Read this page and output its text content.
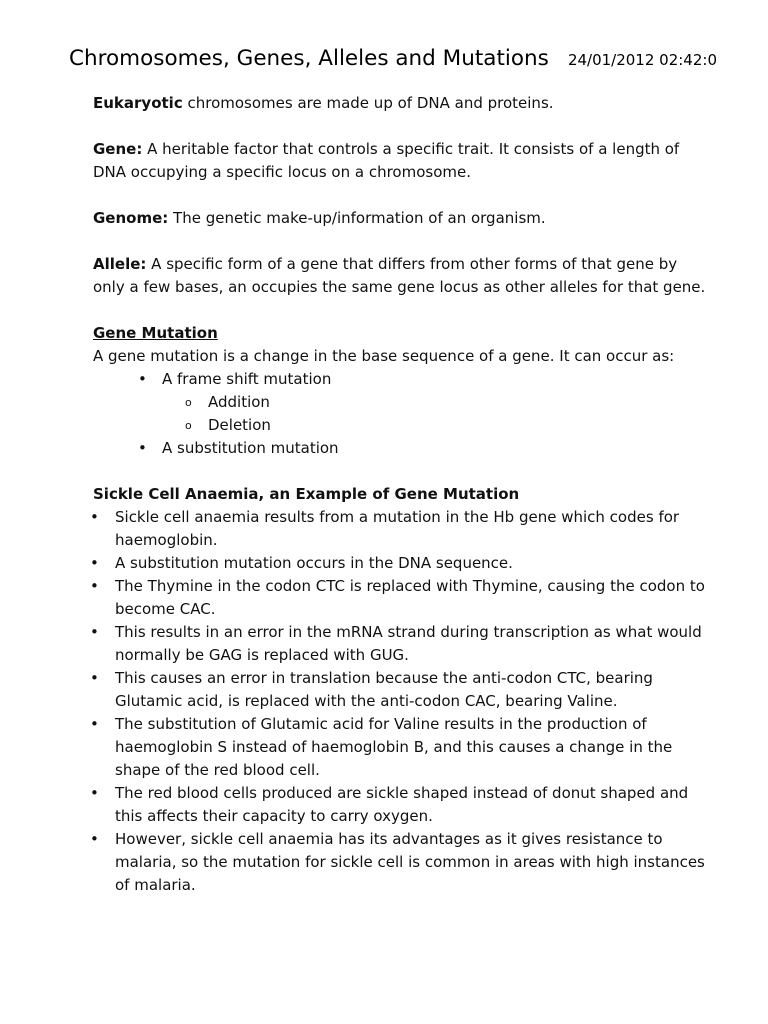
Chromosomes, Genes, Alleles and Mutations 24/01/2012 02:42:0

Eukaryotic chromosomes are made up of DNA and proteins.

Gene: A heritable factor that controls a specific trait. It consists of a length of DNA occupying a specific locus on a chromosome.

Genome: The genetic make-up/information of an organism.

Allele: A specific form of a gene that differs from other forms of that gene by only a few bases, an occupies the same gene locus as other alleles for that gene.

Gene Mutation

A gene mutation is a change in the base sequence of a gene. It can occur as:

• A frame shift mutation
o Addition
o Deletion
• A substitution mutation

Sickle Cell Anaemia, an Example of Gene Mutation

• Sickle cell anaemia results from a mutation in the Hb gene which codes for haemoglobin.
• A substitution mutation occurs in the DNA sequence.
• The Thymine in the codon CTC is replaced with Thymine, causing the codon to become CAC.
• This results in an error in the mRNA strand during transcription as what would normally be GAG is replaced with GUG.
• This causes an error in translation because the anti-codon CTC, bearing Glutamic acid, is replaced with the anti-codon CAC, bearing Valine.
• The substitution of Glutamic acid for Valine results in the production of haemoglobin S instead of haemoglobin B, and this causes a change in the shape of the red blood cell.
• The red blood cells produced are sickle shaped instead of donut shaped and this affects their capacity to carry oxygen.
• However, sickle cell anaemia has its advantages as it gives resistance to malaria, so the mutation for sickle cell is common in areas with high instances of malaria.
